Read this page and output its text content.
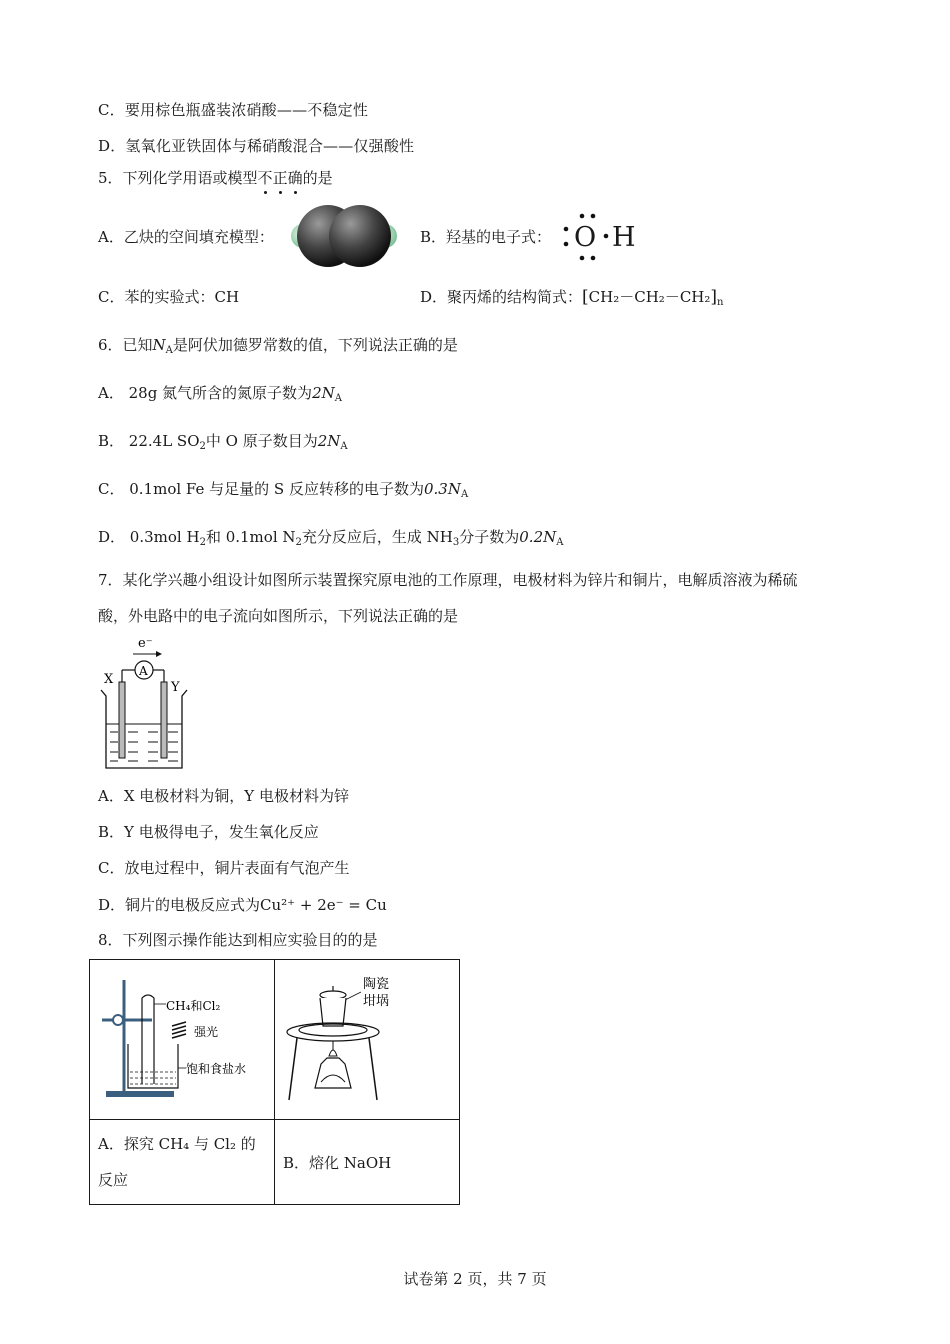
C．要用棕色瓶盛装浓硝酸——不稳定性
D．氢氧化亚铁固体与稀硝酸混合——仅强酸性
5．下列化学用语或模型不
正
确
的是
A．乙炔的空间填充模型：	B．羟基的电子式： O H
C．苯的实验式：CH	D．聚丙烯的结构简式：$[CH_2-CH_2-CH_2]_n$
6．已知$N_A$是阿伏加德罗常数的值，下列说法正确的是
A． 28g 氮气所含的氮原子数为$2N_A$
B． 22.4L $SO_2$中 O 原子数目为$2N_A$
C． 0.1mol Fe 与足量的 S 反应转移的电子数为$0.3N_A$
D． 0.3mol $H_2$和 0.1mol $N_2$充分反应后，生成 $NH_3$分子数为$0.2N_A$
7．某化学兴趣小组设计如图所示装置探究原电池的工作原理，电极材料为锌片和铜片，电解质溶液为稀硫
酸，外电路中的电子流向如图所示，下列说法正确的是
e⁻
A
X
Y
A．X 电极材料为铜，Y 电极材料为锌
B．Y 电极得电子，发生氧化反应
C．放电过程中，铜片表面有气泡产生
D．铜片的电极反应式为Cu²⁺ + 2e⁻ = Cu
8．下列图示操作能达到相应实验目的的是
CH₄和Cl₂
强光
饱和食盐水	陶瓷
坩埚

A．探究 CH₄ 与 Cl₂ 的
反应	B．熔化 NaOH
试卷第 2 页，共 7 页
